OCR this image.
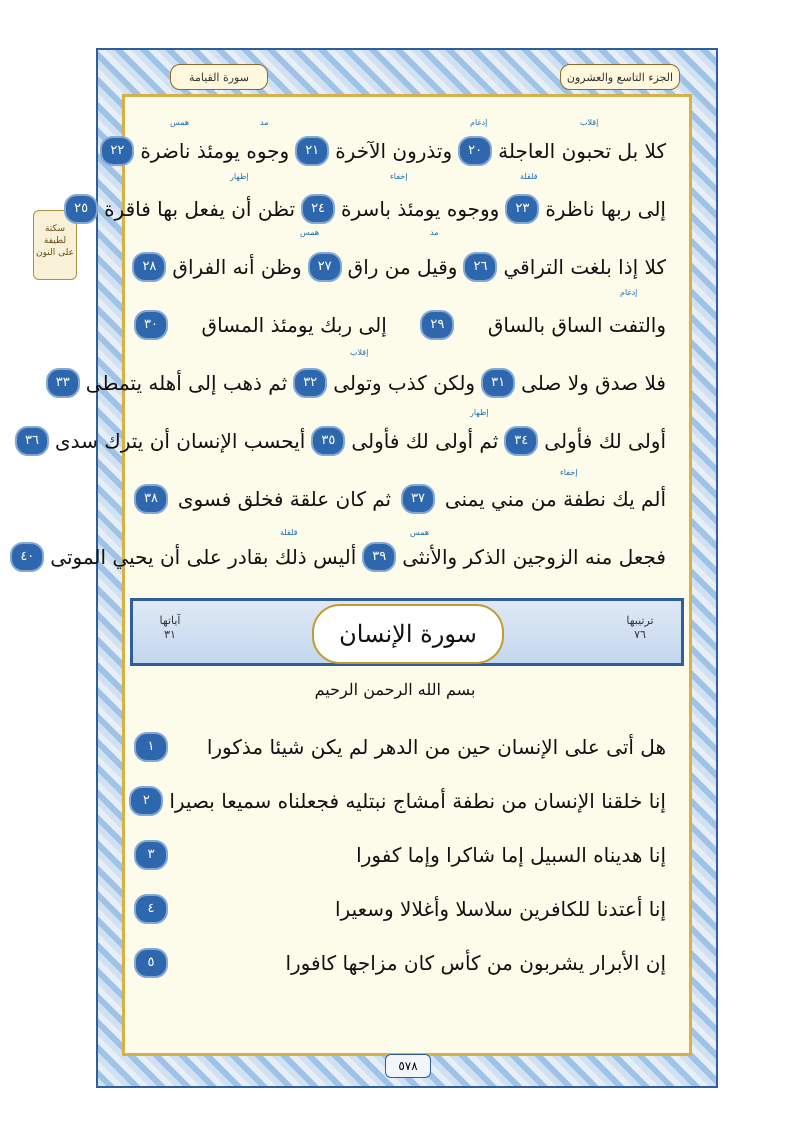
الجزء التاسع والعشرون
سورة القيامة
سكتة
لطيفة
على النون
كلا بل تحبون العاجلة
٢٠
وتذرون الآخرة
٢١
وجوه يومئذ ناضرة
٢٢
إلى ربها ناظرة
٢٣
ووجوه يومئذ باسرة
٢٤
تظن أن يفعل بها فاقرة
٢٥
كلا إذا بلغت التراقي
٢٦
وقيل من راق
٢٧
وظن أنه الفراق
٢٨
والتفت الساق بالساق
٢٩
إلى ربك يومئذ المساق
٣٠
فلا صدق ولا صلى
٣١
ولكن كذب وتولى
٣٢
ثم ذهب إلى أهله يتمطى
٣٣
أولى لك فأولى
٣٤
ثم أولى لك فأولى
٣٥
أيحسب الإنسان أن يترك سدى
٣٦
ألم يك نطفة من مني يمنى
٣٧
ثم كان علقة فخلق فسوى
٣٨
فجعل منه الزوجين الذكر والأنثى
٣٩
أليس ذلك بقادر على أن يحيي الموتى
٤٠
آياتها
٣١	سورة الإنسان	ترتيبها
٧٦
بسم الله الرحمن الرحيم
هل أتى على الإنسان حين من الدهر لم يكن شيئا مذكورا
١
إنا خلقنا الإنسان من نطفة أمشاج نبتليه فجعلناه سميعا بصيرا
٢
إنا هديناه السبيل إما شاكرا وإما كفورا
٣
إنا أعتدنا للكافرين سلاسلا وأغلالا وسعيرا
٤
إن الأبرار يشربون من كأس كان مزاجها كافورا
٥
٥٧٨
همس	مد	إدغام	إقلاب
إظهار	إخفاء	قلقلة
همس	مد
إدغام
إقلاب
إظهار
إخفاء
قلقلة	همس
